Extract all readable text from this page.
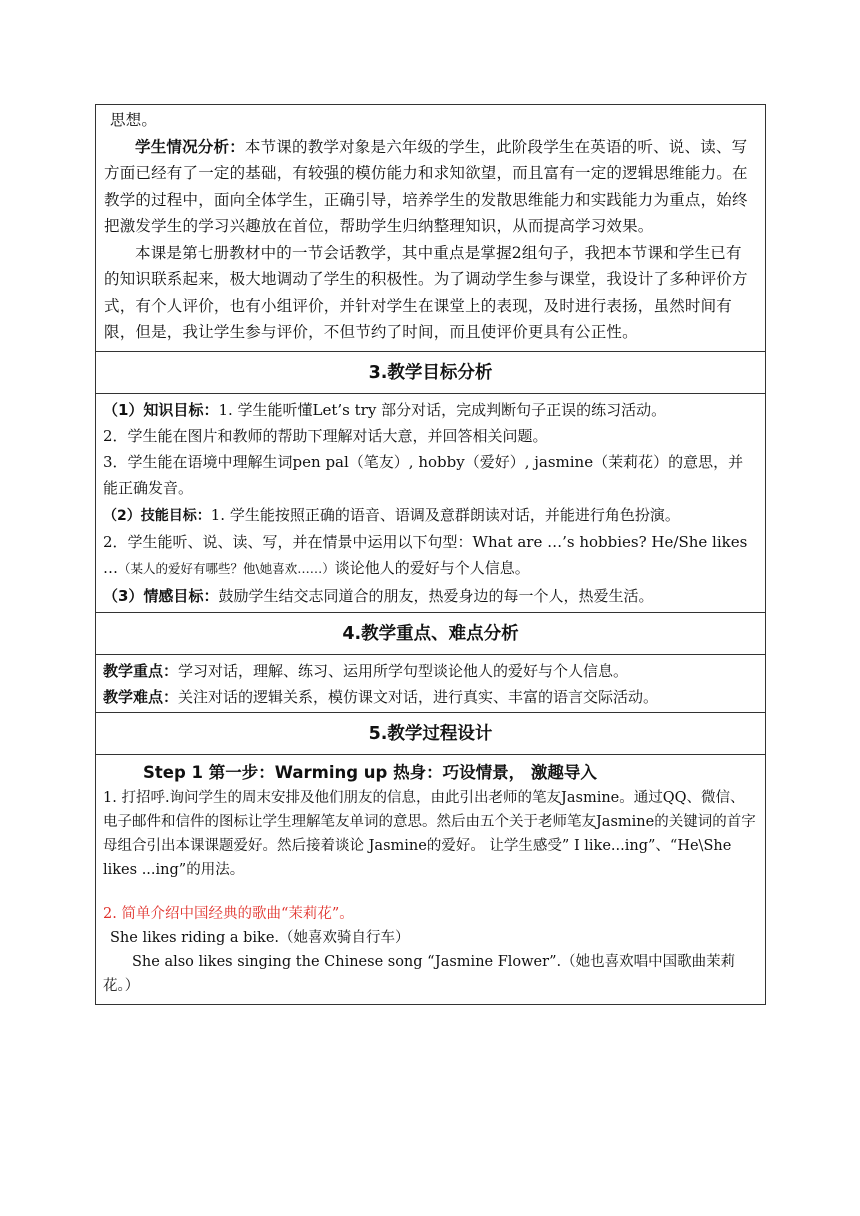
思想。

学生情况分析：本节课的教学对象是六年级的学生，此阶段学生在英语的听、说、读、写方面已经有了一定的基础，有较强的模仿能力和求知欲望，而且富有一定的逻辑思维能力。在教学的过程中，面向全体学生，正确引导，培养学生的发散思维能力和实践能力为重点，始终把激发学生的学习兴趣放在首位，帮助学生归纳整理知识，从而提高学习效果。

本课是第七册教材中的一节会话教学，其中重点是掌握2组句子，我把本节课和学生已有的知识联系起来，极大地调动了学生的积极性。为了调动学生参与课堂，我设计了多种评价方式，有个人评价，也有小组评价，并针对学生在课堂上的表现，及时进行表扬，虽然时间有限，但是，我让学生参与评价，不但节约了时间，而且使评价更具有公正性。

3.教学目标分析

（1）知识目标：1. 学生能听懂Let’s try 部分对话，完成判断句子正误的练习活动。

2．学生能在图片和教师的帮助下理解对话大意，并回答相关问题。

3．学生能在语境中理解生词pen pal（笔友）, hobby（爱好）, jasmine（茉莉花）的意思，并能正确发音。

（2）技能目标：1. 学生能按照正确的语音、语调及意群朗读对话，并能进行角色扮演。

2．学生能听、说、读、写，并在情景中运用以下句型：What are …’s hobbies? He/She likes …（某人的爱好有哪些？他\她喜欢……）谈论他人的爱好与个人信息。

（3）情感目标：鼓励学生结交志同道合的朋友，热爱身边的每一个人，热爱生活。

4.教学重点、难点分析

教学重点：学习对话，理解、练习、运用所学句型谈论他人的爱好与个人信息。

教学难点：关注对话的逻辑关系，模仿课文对话，进行真实、丰富的语言交际活动。

5.教学过程设计

Step 1 第一步：Warming up 热身：巧设情景， 激趣导入

1. 打招呼.询问学生的周末安排及他们朋友的信息，由此引出老师的笔友Jasmine。通过QQ、微信、电子邮件和信件的图标让学生理解笔友单词的意思。然后由五个关于老师笔友Jasmine的关键词的首字母组合引出本课课题爱好。然后接着谈论 Jasmine的爱好。 让学生感受” I like...ing”、“He\She likes ...ing”的用法。

2. 简单介绍中国经典的歌曲“茉莉花”。

She likes riding a bike.（她喜欢骑自行车）

She also likes singing the Chinese song “Jasmine Flower”.（她也喜欢唱中国歌曲茉莉花。）
